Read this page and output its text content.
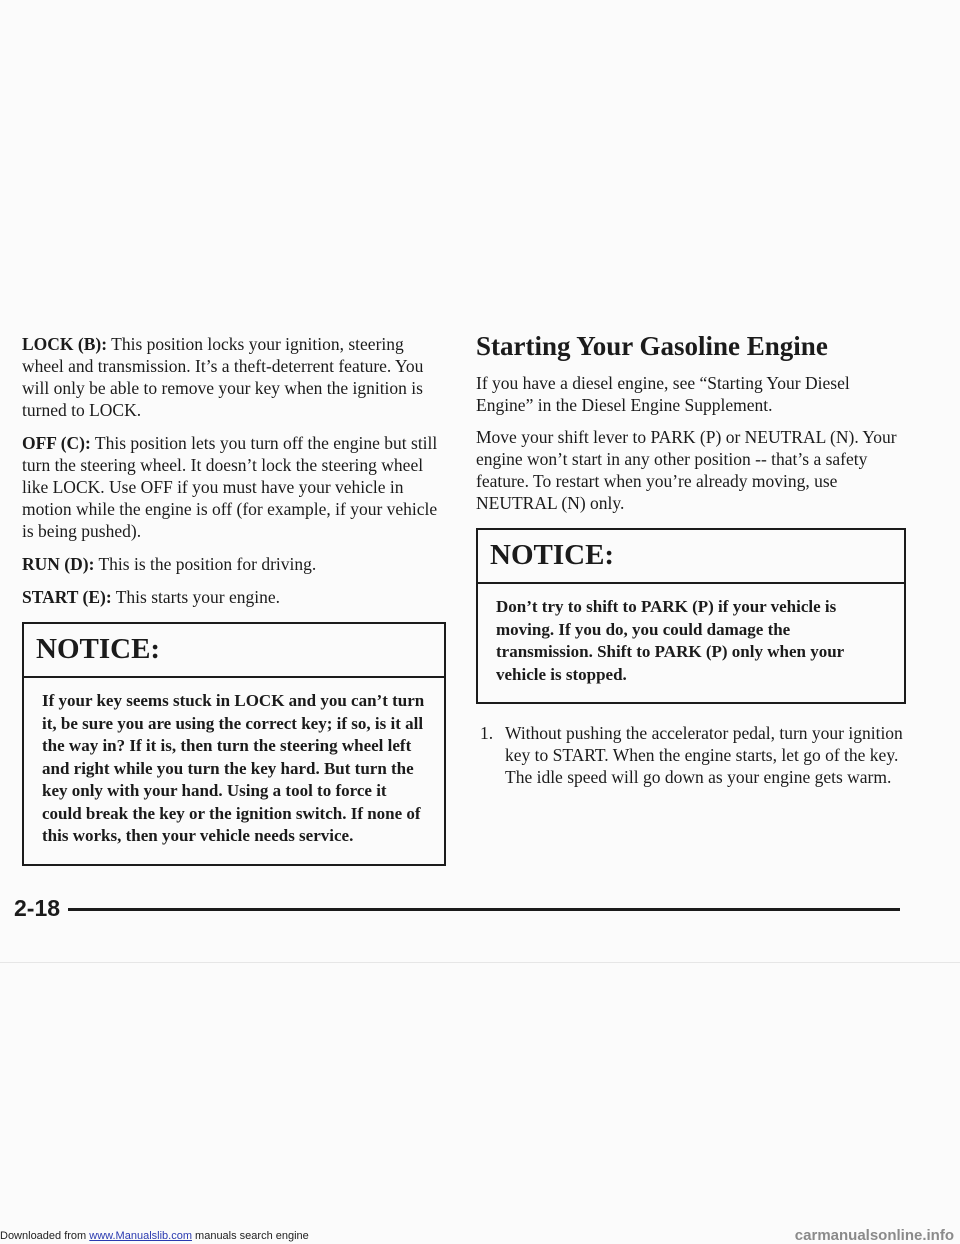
LOCK (B): This position locks your ignition, steering wheel and transmission. It’s a theft-deterrent feature. You will only be able to remove your key when the ignition is turned to LOCK.

OFF (C): This position lets you turn off the engine but still turn the steering wheel. It doesn’t lock the steering wheel like LOCK. Use OFF if you must have your vehicle in motion while the engine is off (for example, if your vehicle is being pushed).

RUN (D): This is the position for driving.

START (E): This starts your engine.

NOTICE:
If your key seems stuck in LOCK and you can’t turn it, be sure you are using the correct key; if so, is it all the way in? If it is, then turn the steering wheel left and right while you turn the key hard. But turn the key only with your hand. Using a tool to force it could break the key or the ignition switch. If none of this works, then your vehicle needs service.
Starting Your Gasoline Engine

If you have a diesel engine, see “Starting Your Diesel Engine” in the Diesel Engine Supplement.

Move your shift lever to PARK (P) or NEUTRAL (N). Your engine won’t start in any other position -- that’s a safety feature. To restart when you’re already moving, use NEUTRAL (N) only.

NOTICE:
Don’t try to shift to PARK (P) if your vehicle is moving. If you do, you could damage the transmission. Shift to PARK (P) only when your vehicle is stopped.
1. Without pushing the accelerator pedal, turn your ignition key to START. When the engine starts, let go of the key. The idle speed will go down as your engine gets warm.
2-18
Downloaded from www.Manualslib.com manuals search engine	carmanualsonline.info
